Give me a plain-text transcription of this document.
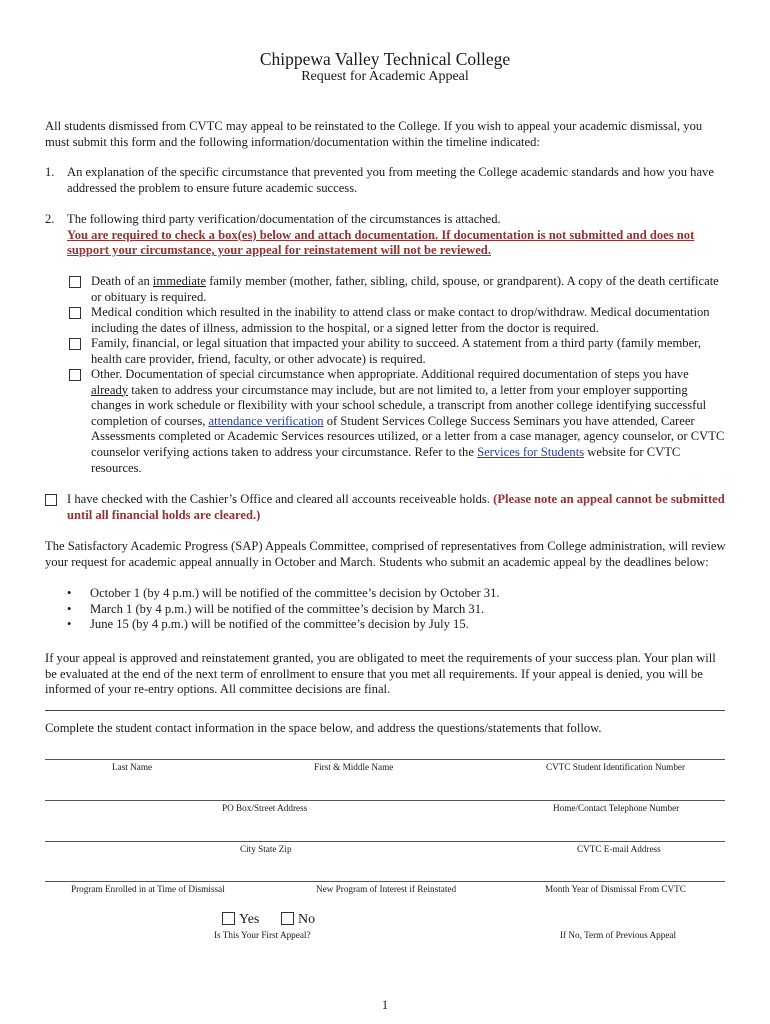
Chippewa Valley Technical College
Request for Academic Appeal
All students dismissed from CVTC may appeal to be reinstated to the College. If you wish to appeal your academic dismissal, you must submit this form and the following information/documentation within the timeline indicated:
1. An explanation of the specific circumstance that prevented you from meeting the College academic standards and how you have addressed the problem to ensure future academic success.
2. The following third party verification/documentation of the circumstances is attached.
You are required to check a box(es) below and attach documentation. If documentation is not submitted and does not support your circumstance, your appeal for reinstatement will not be reviewed.
Death of an immediate family member (mother, father, sibling, child, spouse, or grandparent). A copy of the death certificate or obituary is required.
Medical condition which resulted in the inability to attend class or make contact to drop/withdraw. Medical documentation including the dates of illness, admission to the hospital, or a signed letter from the doctor is required.
Family, financial, or legal situation that impacted your ability to succeed. A statement from a third party (family member, health care provider, friend, faculty, or other advocate) is required.
Other. Documentation of special circumstance when appropriate. Additional required documentation of steps you have already taken to address your circumstance may include, but are not limited to, a letter from your employer supporting changes in work schedule or flexibility with your school schedule, a transcript from another college identifying successful completion of courses, attendance verification of Student Services College Success Seminars you have attended, Career Assessments completed or Academic Services resources utilized, or a letter from a case manager, agency counselor, or CVTC counselor verifying actions taken to address your circumstance. Refer to the Services for Students website for CVTC resources.
I have checked with the Cashier’s Office and cleared all accounts receiveable holds. (Please note an appeal cannot be submitted until all financial holds are cleared.)
The Satisfactory Academic Progress (SAP) Appeals Committee, comprised of representatives from College administration, will review your request for academic appeal annually in October and March. Students who submit an academic appeal by the deadlines below:
• October 1 (by 4 p.m.) will be notified of the committee’s decision by October 31.
• March 1 (by 4 p.m.) will be notified of the committee’s decision by March 31.
• June 15 (by 4 p.m.) will be notified of the committee’s decision by July 15.
If your appeal is approved and reinstatement granted, you are obligated to meet the requirements of your success plan. Your plan will be evaluated at the end of the next term of enrollment to ensure that you met all requirements. If your appeal is denied, you will be informed of your re-entry options. All committee decisions are final.
Complete the student contact information in the space below, and address the questions/statements that follow.
Last Name	First & Middle Name	CVTC Student Identification Number
PO Box/Street Address	Home/Contact Telephone Number
City State Zip	CVTC E-mail Address
Program Enrolled in at Time of Dismissal	New Program of Interest if Reinstated	Month Year of Dismissal From CVTC
Yes	No
Is This Your First Appeal?	If No, Term of Previous Appeal
1
